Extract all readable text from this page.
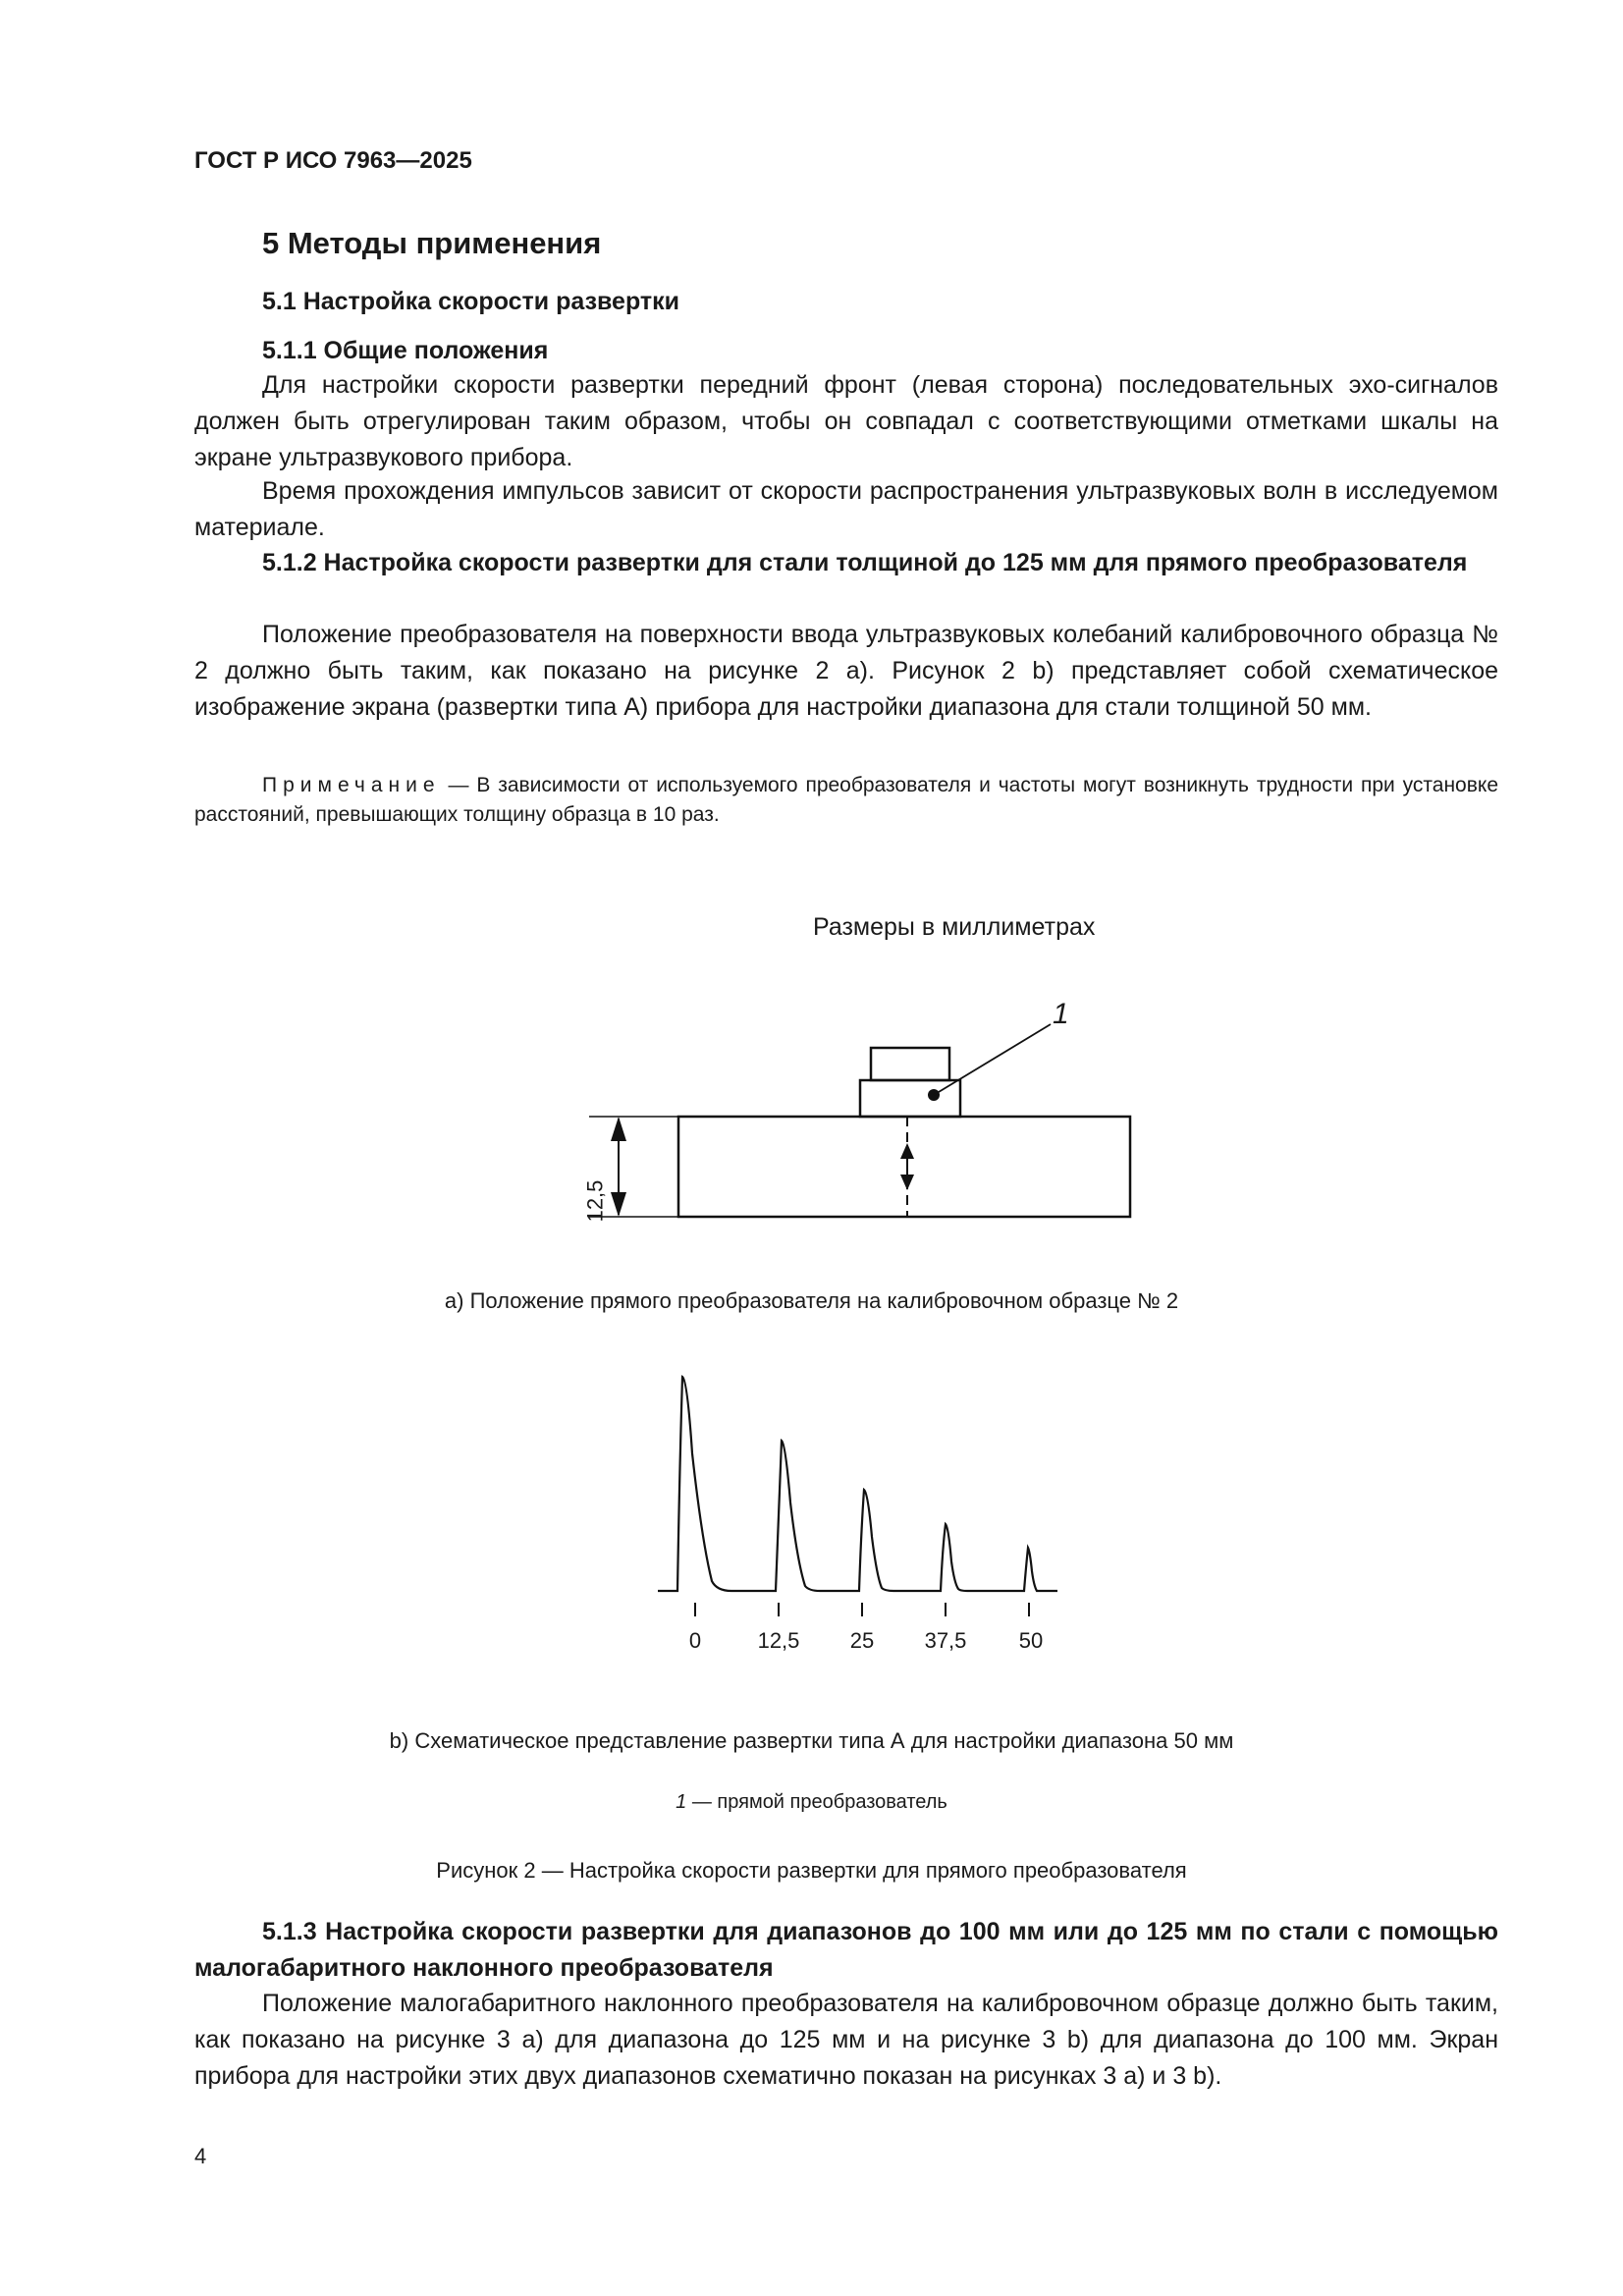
ГОСТ Р ИСО 7963—2025
5 Методы применения
5.1 Настройка скорости развертки
5.1.1 Общие положения

Для настройки скорости развертки передний фронт (левая сторона) последовательных эхо-сигналов должен быть отрегулирован таким образом, чтобы он совпадал с соответствующими отметками шкалы на экране ультразвукового прибора.

Время прохождения импульсов зависит от скорости распространения ультразвуковых волн в исследуемом материале.

5.1.2 Настройка скорости развертки для стали толщиной до 125 мм для прямого преобразователя

Положение преобразователя на поверхности ввода ультразвуковых колебаний калибровочного образца № 2 должно быть таким, как показано на рисунке 2 a). Рисунок 2 b) представляет собой схематическое изображение экрана (развертки типа A) прибора для настройки диапазона для стали толщиной 50 мм.

Примечание — В зависимости от используемого преобразователя и частоты могут возникнуть трудности при установке расстояний, превышающих толщину образца в 10 раз.

Размеры в миллиметрах
1
12,5
a) Положение прямого преобразователя на калибровочном образце № 2
0	12,5	25	37,5	50
b) Схематическое представление развертки типа А для настройки диапазона 50 мм
1 — прямой преобразователь
Рисунок 2 — Настройка скорости развертки для прямого преобразователя

5.1.3 Настройка скорости развертки для диапазонов до 100 мм или до 125 мм по стали с помощью малогабаритного наклонного преобразователя

Положение малогабаритного наклонного преобразователя на калибровочном образце должно быть таким, как показано на рисунке 3 a) для диапазона до 125 мм и на рисунке 3 b) для диапазона до 100 мм. Экран прибора для настройки этих двух диапазонов схематично показан на рисунках 3 a) и 3 b).

4
